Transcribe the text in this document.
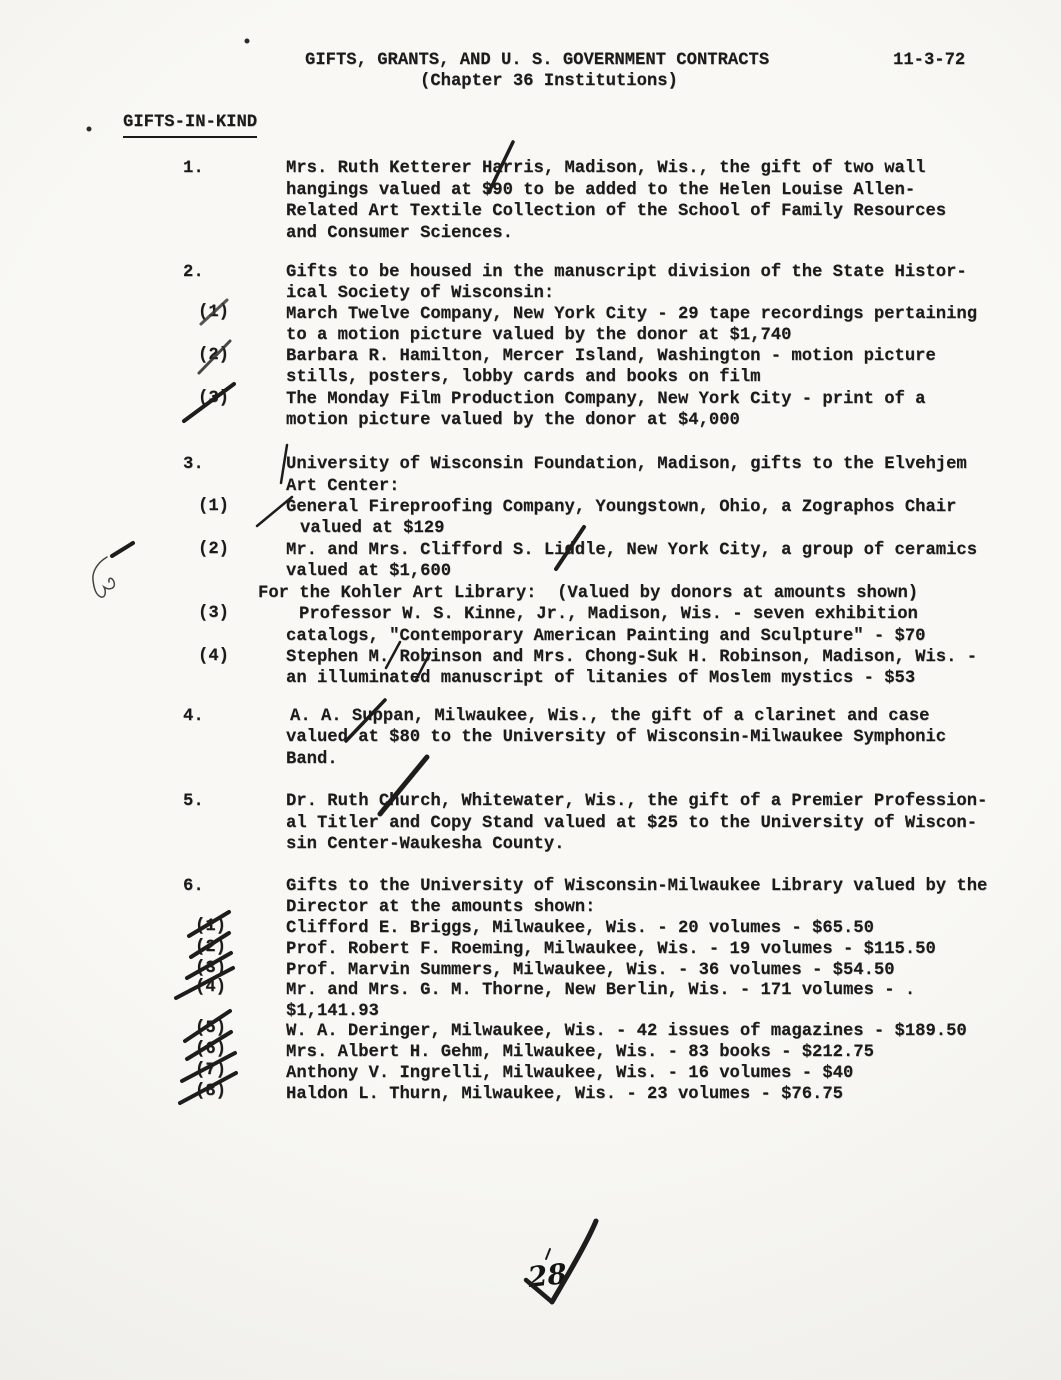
GIFTS, GRANTS, AND U. S. GOVERNMENT CONTRACTS	11-3-72
(Chapter 36 Institutions)
GIFTS-IN-KIND
1.	Mrs. Ruth Ketterer Harris, Madison, Wis., the gift of two wall
hangings valued at $90 to be added to the Helen Louise Allen-
Related Art Textile Collection of the School of Family Resources
and Consumer Sciences.
2.	Gifts to be housed in the manuscript division of the State Histor-
ical Society of Wisconsin:
(1)	March Twelve Company, New York City - 29 tape recordings pertaining
to a motion picture valued by the donor at $1,740
(2)	Barbara R. Hamilton, Mercer Island, Washington - motion picture
stills, posters, lobby cards and books on film
(3)	The Monday Film Production Company, New York City - print of a
motion picture valued by the donor at $4,000
3.	University of Wisconsin Foundation, Madison, gifts to the Elvehjem
Art Center:
(1)	General Fireproofing Company, Youngstown, Ohio, a Zographos Chair
valued at $129
(2)	Mr. and Mrs. Clifford S. Liddle, New York City, a group of ceramics
valued at $1,600
For the Kohler Art Library:  (Valued by donors at amounts shown)
(3)	Professor W. S. Kinne, Jr., Madison, Wis. - seven exhibition
catalogs, "Contemporary American Painting and Sculpture" - $70
(4)	Stephen M. Robinson and Mrs. Chong-Suk H. Robinson, Madison, Wis. -
an illuminated manuscript of litanies of Moslem mystics - $53
4.	A. A. Suppan, Milwaukee, Wis., the gift of a clarinet and case
valued at $80 to the University of Wisconsin-Milwaukee Symphonic
Band.
5.	Dr. Ruth Church, Whitewater, Wis., the gift of a Premier Profession-
al Titler and Copy Stand valued at $25 to the University of Wiscon-
sin Center-Waukesha County.
6.	Gifts to the University of Wisconsin-Milwaukee Library valued by the
Director at the amounts shown:
(1)	Clifford E. Briggs, Milwaukee, Wis. - 20 volumes - $65.50
(2)	Prof. Robert F. Roeming, Milwaukee, Wis. - 19 volumes - $115.50
(3)	Prof. Marvin Summers, Milwaukee, Wis. - 36 volumes - $54.50
(4)	Mr. and Mrs. G. M. Thorne, New Berlin, Wis. - 171 volumes - .
$1,141.93
(5)	W. A. Deringer, Milwaukee, Wis. - 42 issues of magazines - $189.50
(6)	Mrs. Albert H. Gehm, Milwaukee, Wis. - 83 books - $212.75
(7)	Anthony V. Ingrelli, Milwaukee, Wis. - 16 volumes - $40
(8)	Haldon L. Thurn, Milwaukee, Wis. - 23 volumes - $76.75
28
